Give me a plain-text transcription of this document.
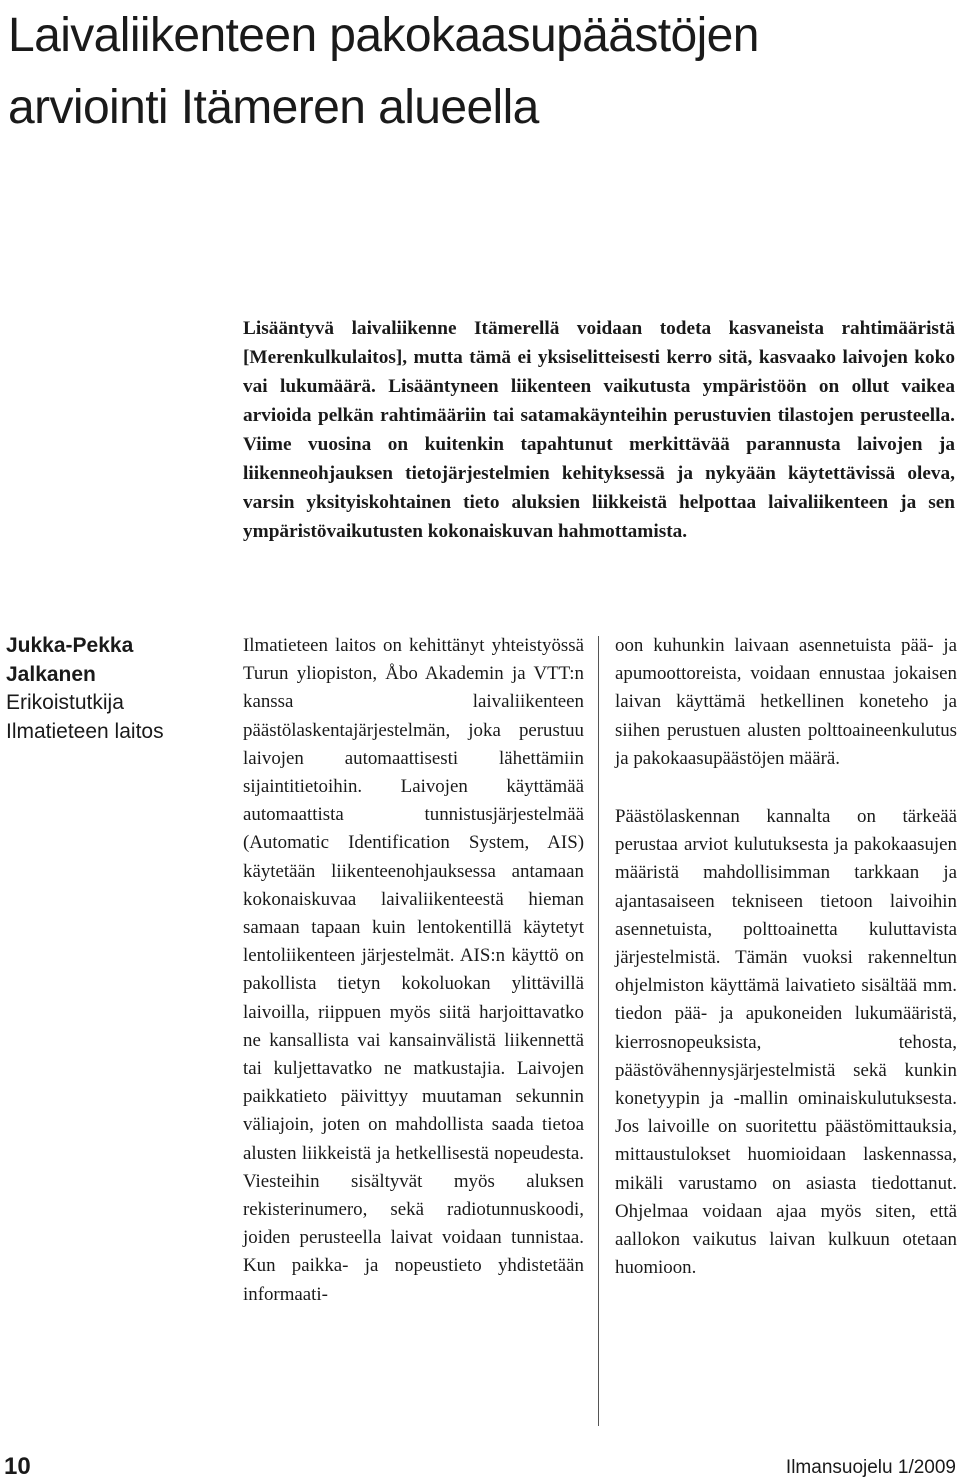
Laivaliikenteen pakokaasupäästöjen
arviointi Itämeren alueella

Lisääntyvä laivaliikenne Itämerellä voidaan todeta kasvaneista rahtimääristä [Merenkulkulaitos], mutta tämä ei yksiselitteisesti kerro sitä, kasvaako laivojen koko vai lukumäärä. Lisääntyneen liikenteen vaikutusta ympäristöön on ollut vaikea arvioida pelkän rahtimääriin tai satamakäynteihin perustuvien tilastojen perusteella. Viime vuosina on kuitenkin tapahtunut merkittävää parannusta laivojen ja liikenneohjauksen tietojärjestelmien kehityksessä ja nykyään käytettävissä oleva, varsin yksityiskohtainen tieto aluksien liikkeistä helpottaa laivaliikenteen ja sen ympäristövaikutusten kokonaiskuvan hahmottamista.

Jukka-Pekka
Jalkanen
Erikoistutkija
Ilmatieteen laitos

Ilmatieteen laitos on kehittänyt yhteistyössä Turun yliopiston, Åbo Akademin ja VTT:n kanssa laivaliikenteen päästölaskentajärjestelmän, joka perustuu laivojen automaattisesti lähettämiin sijaintitietoihin. Laivojen käyttämää automaattista tunnistusjärjestelmää (Automatic Identification System, AIS) käytetään liikenteenohjauksessa antamaan kokonaiskuvaa laivaliikenteestä hieman samaan tapaan kuin lentokentillä käytetyt lentoliikenteen järjestelmät. AIS:n käyttö on pakollista tietyn kokoluokan ylittävillä laivoilla, riippuen myös siitä harjoittavatko ne kansallista vai kansainvälistä liikennettä tai kuljettavatko ne matkustajia. Laivojen paikkatieto päivittyy muutaman sekunnin väliajoin, joten on mahdollista saada tietoa alusten liikkeistä ja hetkellisestä nopeudesta. Viesteihin sisältyvät myös aluksen rekisterinumero, sekä radiotunnuskoodi, joiden perusteella laivat voidaan tunnistaa. Kun paikka- ja nopeustieto yhdistetään informaati-

oon kuhunkin laivaan asennetuista pää- ja apumoottoreista, voidaan ennustaa jokaisen laivan käyttämä hetkellinen koneteho ja siihen perustuen alusten polttoaineenkulutus ja pakokaasupäästöjen määrä.

Päästölaskennan kannalta on tärkeää perustaa arviot kulutuksesta ja pakokaasujen määristä mahdollisimman tarkkaan ja ajantasaiseen tekniseen tietoon laivoihin asennetuista, polttoainetta kuluttavista järjestelmistä. Tämän vuoksi rakenneltun ohjelmiston käyttämä laivatieto sisältää mm. tiedon pää- ja apukoneiden lukumääristä, kierrosnopeuksista, tehosta, päästövähennysjärjestelmistä sekä kunkin konetyypin ja -mallin ominaiskulutuksesta. Jos laivoille on suoritettu päästömittauksia, mittaustulokset huomioidaan laskennassa, mikäli varustamo on asiasta tiedottanut. Ohjelmaa voidaan ajaa myös siten, että aallokon vaikutus laivan kulkuun otetaan huomioon.

10	Ilmansuojelu 1/2009
